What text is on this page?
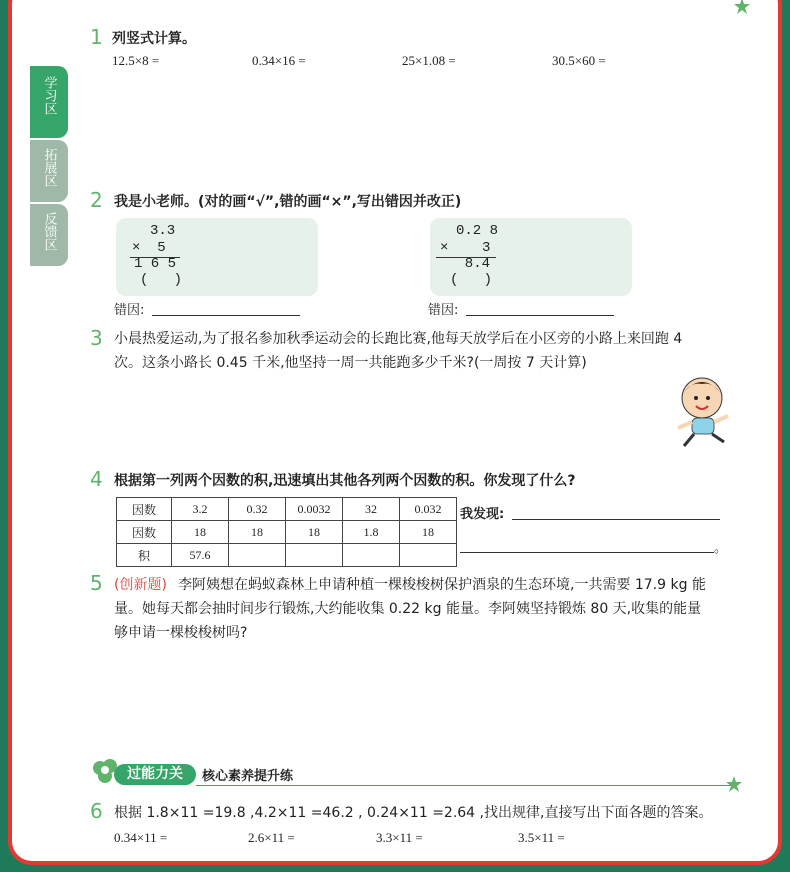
学习区
拓展区
反馈区
1 列竖式计算。
12.5×8 =	0.34×16 =	25×1.08 =	30.5×60 =
2 我是小老师。(对的画“√”,错的画“×”,写出错因并改正)
3.3
×  5
1 6 5
(   )
0.2 8
×    3
8.4
(   )
错因:	错因:
3 小晨热爱运动,为了报名参加秋季运动会的长跑比赛,他每天放学后在小区旁的小路上来回跑 4
次。这条小路长 0.45 千米,他坚持一周一共能跑多少千米?(一周按 7 天计算)
4 根据第一列两个因数的积,迅速填出其他各列两个因数的积。你发现了什么?
因数	3.2	0.32	0.0032	32	0.032
因数	18	18	18	1.8	18
积	57.6				
我发现:
。
5 (创新题) 李阿姨想在蚂蚁森林上申请种植一棵梭梭树保护酒泉的生态环境,一共需要 17.9 kg 能
量。她每天都会抽时间步行锻炼,大约能收集 0.22 kg 能量。李阿姨坚持锻炼 80 天,收集的能量
够申请一棵梭梭树吗?
过能力关	核心素养提升练
6 根据 1.8×11 =19.8 ,4.2×11 =46.2 , 0.24×11 =2.64 ,找出规律,直接写出下面各题的答案。
0.34×11 =	2.6×11 =	3.3×11 =	3.5×11 =
